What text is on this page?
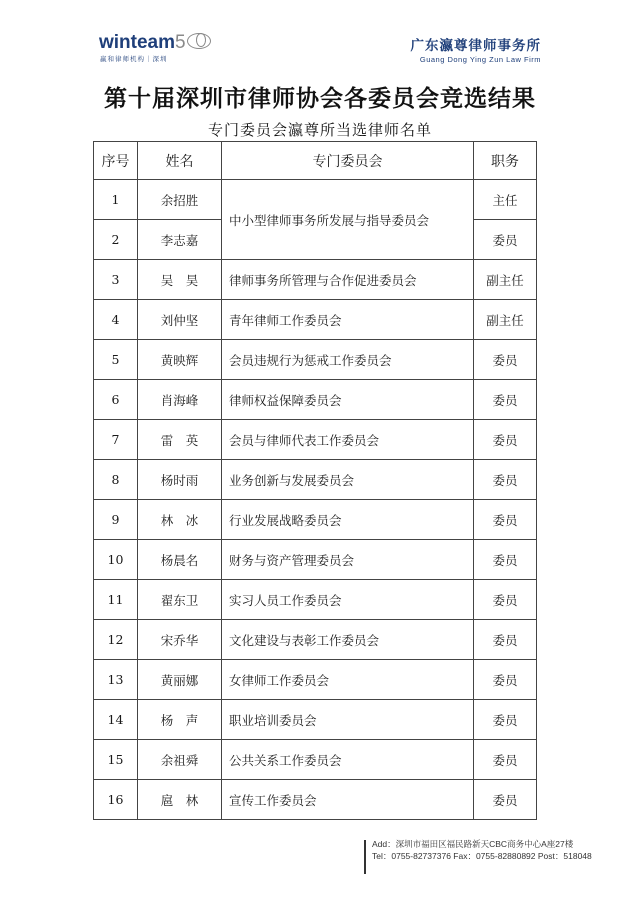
winteam5
赢和律师机构｜深圳
广东瀛尊律师事务所
Guang Dong Ying Zun Law Firm
第十届深圳市律师协会各委员会竞选结果
专门委员会瀛尊所当选律师名单
序号	姓名	专门委员会	职务
1	余招胜	中小型律师事务所发展与指导委员会	主任
2	李志嘉		委员
3	吴　昊	律师事务所管理与合作促进委员会	副主任
4	刘仲坚	青年律师工作委员会	副主任
5	黄映辉	会员违规行为惩戒工作委员会	委员
6	肖海峰	律师权益保障委员会	委员
7	雷　英	会员与律师代表工作委员会	委员
8	杨时雨	业务创新与发展委员会	委员
9	林　冰	行业发展战略委员会	委员
10	杨晨名	财务与资产管理委员会	委员
11	翟东卫	实习人员工作委员会	委员
12	宋乔华	文化建设与表彰工作委员会	委员
13	黄丽娜	女律师工作委员会	委员
14	杨　声	职业培训委员会	委员
15	余祖舜	公共关系工作委员会	委员
16	扈　林	宣传工作委员会	委员
Add：深圳市福田区福民路新天CBC商务中心A座27楼
Tel：0755-82737376 Fax：0755-82880892 Post：518048
